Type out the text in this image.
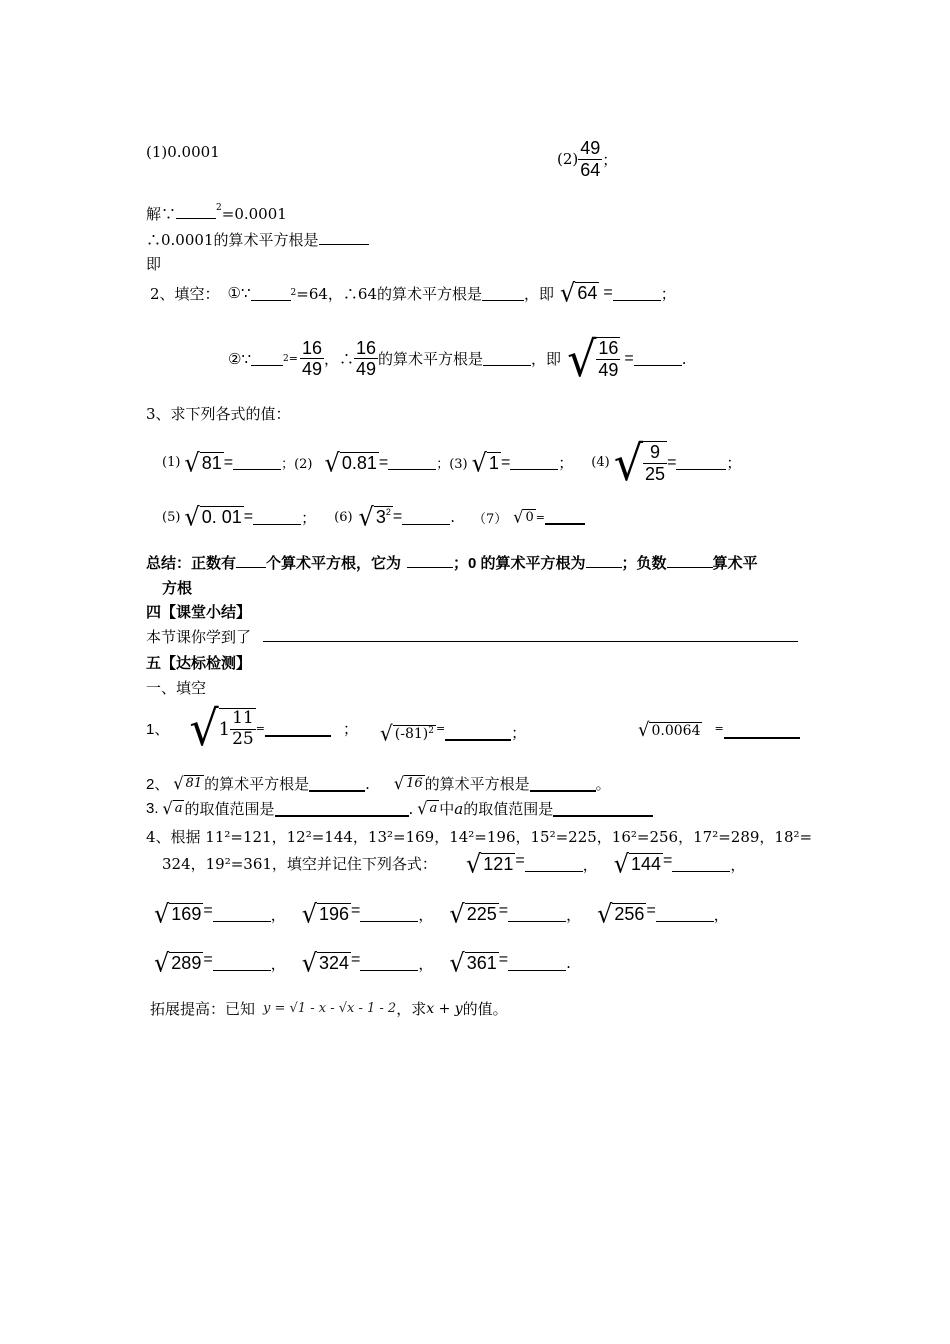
(1)0.0001	$(2) \frac{49}{64}$ ；
解∵	$^2$=0.0001
∴0.0001的算术平方根是
即
2、填空： ①∵	2 =64，∴64的算术平方根是	，即 √ 64 =	；
②∵	$2 = \frac{16}{49}$ ，∴ $\frac{16}{49}$ 的算术平方根是	，即 √ $\frac{16}{49}$ =	.
3、求下列各式的值：
(1) √ 81 =	；(2) √ 0.81 =	；(3) √ 1 =	； (4) √ $\frac{9}{25}$ =	；
(5) √ 0. 01 =	； (6) √ $3^2$ =	. （7） √ 0 =
总结：正数有 个算术平方根，它为	；0 的算术平方根为 ；负数	算术平
方根
四【课堂小结】
本节课你学到了
五【达标检测】
一、填空
1、 √ $1 \frac{11}{25}$ =	； √ $(-81)^2$ =	；	√ 0.0064 =
2、 √ 81 的算术平方根是	. √ 16 的算术平方根是	。
3. √ a 的取值范围是	. √ a 中 a 的取值范围是
4、根据 11²=121，12²=144，13²=169，14²=196，15²=225，16²=256，17²=289，18²=
324，19²=361，填空并记住下列各式： √ 121 =	， √ 144 =	，
√ 169 =	， √ 196 =	， √ 225 =	， √ 256 =	，
√ 289 =	， √ 324 =	， √ 361 =	.
拓展提高：已知 y = √1 - x - √x - 1 - 2 ，求 x + y 的值。
